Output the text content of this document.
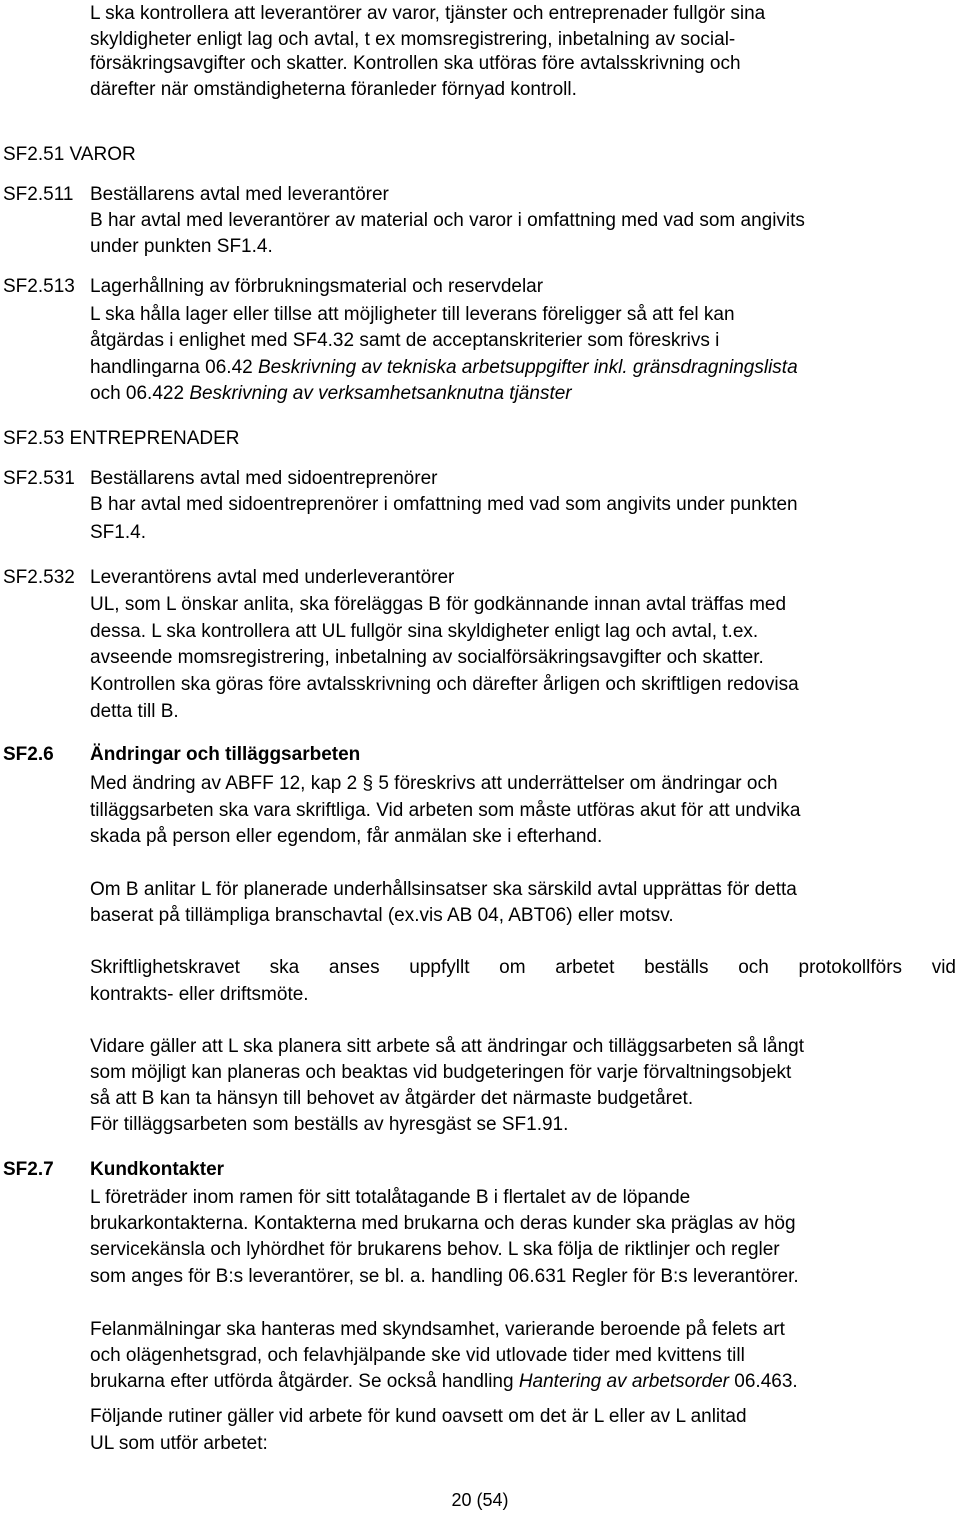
L ska kontrollera att leverantörer av varor, tjänster och entreprenader fullgör sina
skyldigheter enligt lag och avtal, t ex momsregistrering, inbetalning av social-
försäkringsavgifter och skatter. Kontrollen ska utföras före avtalsskrivning och
därefter när omständigheterna föranleder förnyad kontroll.
SF2.51 VAROR
SF2.511 Beställarens avtal med leverantörer
B har avtal med leverantörer av material och varor i omfattning med vad som angivits
under punkten SF1.4.
SF2.513 Lagerhållning av förbrukningsmaterial och reservdelar
L ska hålla lager eller tillse att möjligheter till leverans föreligger så att fel kan
åtgärdas i enlighet med SF4.32 samt de acceptanskriterier som föreskrivs i
handlingarna 06.42 Beskrivning av tekniska arbetsuppgifter inkl. gränsdragningslista
och 06.422 Beskrivning av verksamhetsanknutna tjänster
SF2.53 ENTREPRENADER
SF2.531 Beställarens avtal med sidoentreprenörer
B har avtal med sidoentreprenörer i omfattning med vad som angivits under punkten
SF1.4.
SF2.532 Leverantörens avtal med underleverantörer
UL, som L önskar anlita, ska föreläggas B för godkännande innan avtal träffas med
dessa. L ska kontrollera att UL fullgör sina skyldigheter enligt lag och avtal, t.ex.
avseende momsregistrering, inbetalning av socialförsäkringsavgifter och skatter.
Kontrollen ska göras före avtalsskrivning och därefter årligen och skriftligen redovisa
detta till B.
SF2.6 Ändringar och tilläggsarbeten
Med ändring av ABFF 12, kap 2 § 5 föreskrivs att underrättelser om ändringar och
tilläggsarbeten ska vara skriftliga. Vid arbeten som måste utföras akut för att undvika
skada på person eller egendom, får anmälan ske i efterhand.
Om B anlitar L för planerade underhållsinsatser ska särskild avtal upprättas för detta
baserat på tillämpliga branschavtal (ex.vis AB 04, ABT06) eller motsv.
Skriftlighetskravet ska anses uppfyllt om arbetet beställs och protokollförs vid
kontrakts- eller driftsmöte.
Vidare gäller att L ska planera sitt arbete så att ändringar och tilläggsarbeten så långt
som möjligt kan planeras och beaktas vid budgeteringen för varje förvaltningsobjekt
så att B kan ta hänsyn till behovet av åtgärder det närmaste budgetåret.
För tilläggsarbeten som beställs av hyresgäst se SF1.91.
SF2.7 Kundkontakter
L företräder inom ramen för sitt totalåtagande B i flertalet av de löpande
brukarkontakterna. Kontakterna med brukarna och deras kunder ska präglas av hög
servicekänsla och lyhördhet för brukarens behov. L ska följa de riktlinjer och regler
som anges för B:s leverantörer, se bl. a. handling 06.631 Regler för B:s leverantörer.
Felanmälningar ska hanteras med skyndsamhet, varierande beroende på felets art
och olägenhetsgrad, och felavhjälpande ske vid utlovade tider med kvittens till
brukarna efter utförda åtgärder. Se också handling Hantering av arbetsorder 06.463.
Följande rutiner gäller vid arbete för kund oavsett om det är L eller av L anlitad
UL som utför arbetet:
20 (54)
